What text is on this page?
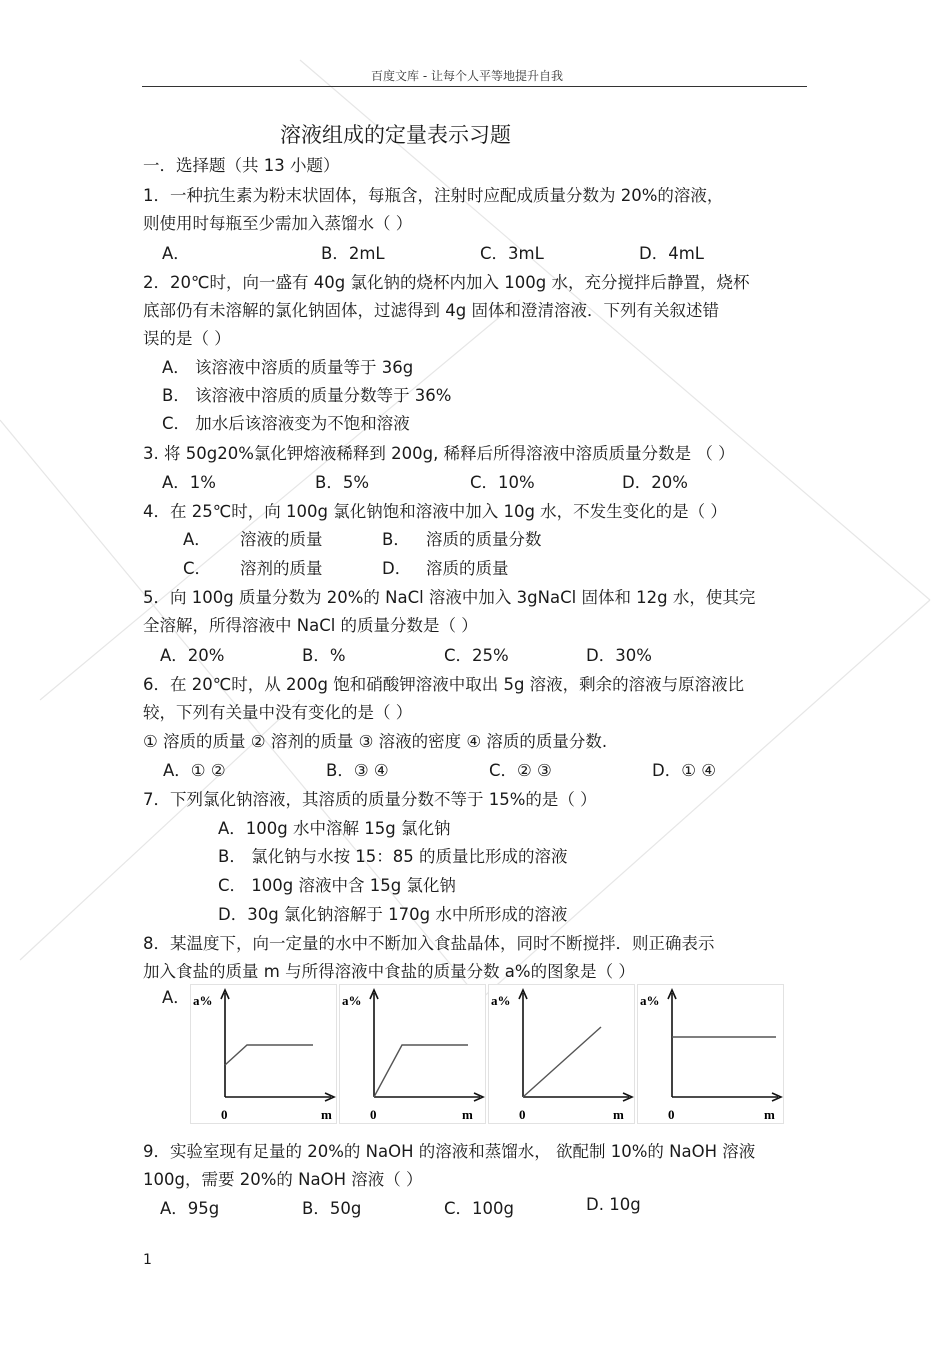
百度文库 - 让每个人平等地提升自我
溶液组成的定量表示习题
一．选择题（共 13 小题）
1．一种抗生素为粉末状固体，每瓶含，注射时应配成质量分数为 20%的溶液，
则使用时每瓶至少需加入蒸馏水（ ）
A．	B．2mL	C．3mL	D．4mL
2．20℃时，向一盛有 40g 氯化钠的烧杯内加入 100g 水，充分搅拌后静置，烧杯
底部仍有未溶解的氯化钠固体，过滤得到 4g 固体和澄清溶液．下列有关叙述错
误的是（ ）
A． 该溶液中溶质的质量等于 36g
B． 该溶液中溶质的质量分数等于 36%
C． 加水后该溶液变为不饱和溶液
3. 将 50g20%氯化钾熔液稀释到 200g, 稀释后所得溶液中溶质质量分数是 （ ）
A．1%	B．5%	C．10%	D．20%
4．在 25℃时，向 100g 氯化钠饱和溶液中加入 10g 水，不发生变化的是（ ）
A． 溶液的质量	B． 溶质的质量分数
C． 溶剂的质量	D． 溶质的质量
5．向 100g 质量分数为 20%的 NaCl 溶液中加入 3gNaCl 固体和 12g 水，使其完
全溶解，所得溶液中 NaCl 的质量分数是（ ）
A．20%	B．%	C．25%	D．30%
6．在 20℃时，从 200g 饱和硝酸钾溶液中取出 5g 溶液，剩余的溶液与原溶液比
较，下列有关量中没有变化的是（ ）
① 溶质的质量 ② 溶剂的质量 ③ 溶液的密度 ④ 溶质的质量分数.
A．① ②	B．③ ④	C．② ③	D．① ④
7．下列氯化钠溶液，其溶质的质量分数不等于 15%的是（ ）
A．100g 水中溶解 15g 氯化钠
B． 氯化钠与水按 15：85 的质量比形成的溶液
C． 100g 溶液中含 15g 氯化钠
D．30g 氯化钠溶解于 170g 水中所形成的溶液
8．某温度下，向一定量的水中不断加入食盐晶体，同时不断搅拌．则正确表示
加入食盐的质量 m 与所得溶液中食盐的质量分数 a%的图象是（ ）
A． a%
0	m
a%
0	m
a%
0	m
a%
0	m
9．实验室现有足量的 20%的 NaOH 的溶液和蒸馏水， 欲配制 10%的 NaOH 溶液
100g，需要 20%的 NaOH 溶液（ ）
A．95g	B．50g	C．100g	D. 10g
1
